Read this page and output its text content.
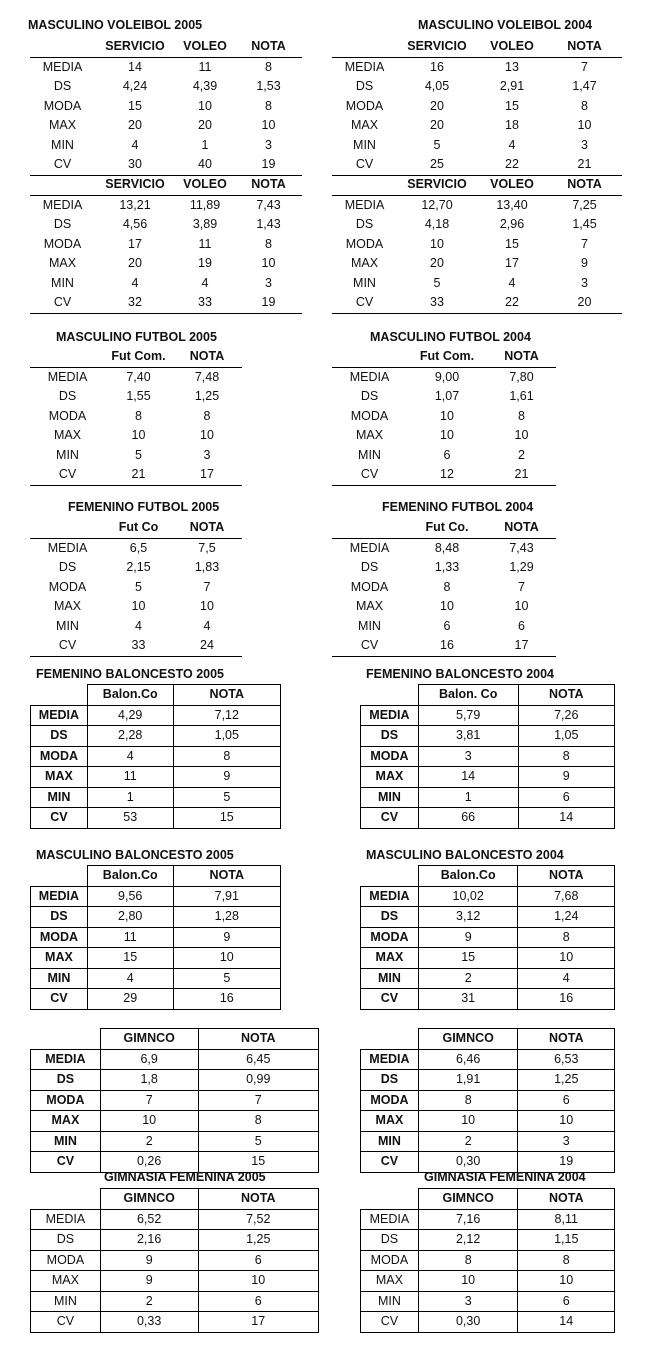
MASCULINO VOLEIBOL 2005	MASCULINO VOLEIBOL 2004
	SERVICIO	VOLEO	NOTA
MEDIA	14	11	8
DS	4,24	4,39	1,53
MODA	15	10	8
MAX	20	20	10
MIN	4	1	3
CV	30	40	19
	SERVICIO	VOLEO	NOTA
MEDIA	16	13	7
DS	4,05	2,91	1,47
MODA	20	15	8
MAX	20	18	10
MIN	5	4	3
CV	25	22	21
	SERVICIO	VOLEO	NOTA
MEDIA	13,21	11,89	7,43
DS	4,56	3,89	1,43
MODA	17	11	8
MAX	20	19	10
MIN	4	4	3
CV	32	33	19
	SERVICIO	VOLEO	NOTA
MEDIA	12,70	13,40	7,25
DS	4,18	2,96	1,45
MODA	10	15	7
MAX	20	17	9
MIN	5	4	3
CV	33	22	20
MASCULINO FUTBOL 2005	MASCULINO FUTBOL 2004
	Fut Com.	NOTA
MEDIA	7,40	7,48
DS	1,55	1,25
MODA	8	8
MAX	10	10
MIN	5	3
CV	21	17
	Fut Com.	NOTA
MEDIA	9,00	7,80
DS	1,07	1,61
MODA	10	8
MAX	10	10
MIN	6	2
CV	12	21
FEMENINO FUTBOL 2005	FEMENINO FUTBOL 2004
	Fut Co	NOTA
MEDIA	6,5	7,5
DS	2,15	1,83
MODA	5	7
MAX	10	10
MIN	4	4
CV	33	24
	Fut Co.	NOTA
MEDIA	8,48	7,43
DS	1,33	1,29
MODA	8	7
MAX	10	10
MIN	6	6
CV	16	17
FEMENINO BALONCESTO 2005	FEMENINO BALONCESTO 2004
	Balon.Co	NOTA
MEDIA	4,29	7,12
DS	2,28	1,05
MODA	4	8
MAX	11	9
MIN	1	5
CV	53	15
	Balon. Co	NOTA
MEDIA	5,79	7,26
DS	3,81	1,05
MODA	3	8
MAX	14	9
MIN	1	6
CV	66	14
MASCULINO BALONCESTO 2005	MASCULINO BALONCESTO 2004
	Balon.Co	NOTA
MEDIA	9,56	7,91
DS	2,80	1,28
MODA	11	9
MAX	15	10
MIN	4	5
CV	29	16
	Balon.Co	NOTA
MEDIA	10,02	7,68
DS	3,12	1,24
MODA	9	8
MAX	15	10
MIN	2	4
CV	31	16
	GIMNCO	NOTA
MEDIA	6,9	6,45
DS	1,8	0,99
MODA	7	7
MAX	10	8
MIN	2	5
CV	0,26	15
	GIMNCO	NOTA
MEDIA	6,46	6,53
DS	1,91	1,25
MODA	8	6
MAX	10	10
MIN	2	3
CV	0,30	19
GIMNASIA FEMENINA 2005	GIMNASIA FEMENINA 2004
	GIMNCO	NOTA
MEDIA	6,52	7,52
DS	2,16	1,25
MODA	9	6
MAX	9	10
MIN	2	6
CV	0,33	17
	GIMNCO	NOTA
MEDIA	7,16	8,11
DS	2,12	1,15
MODA	8	8
MAX	10	10
MIN	3	6
CV	0,30	14
